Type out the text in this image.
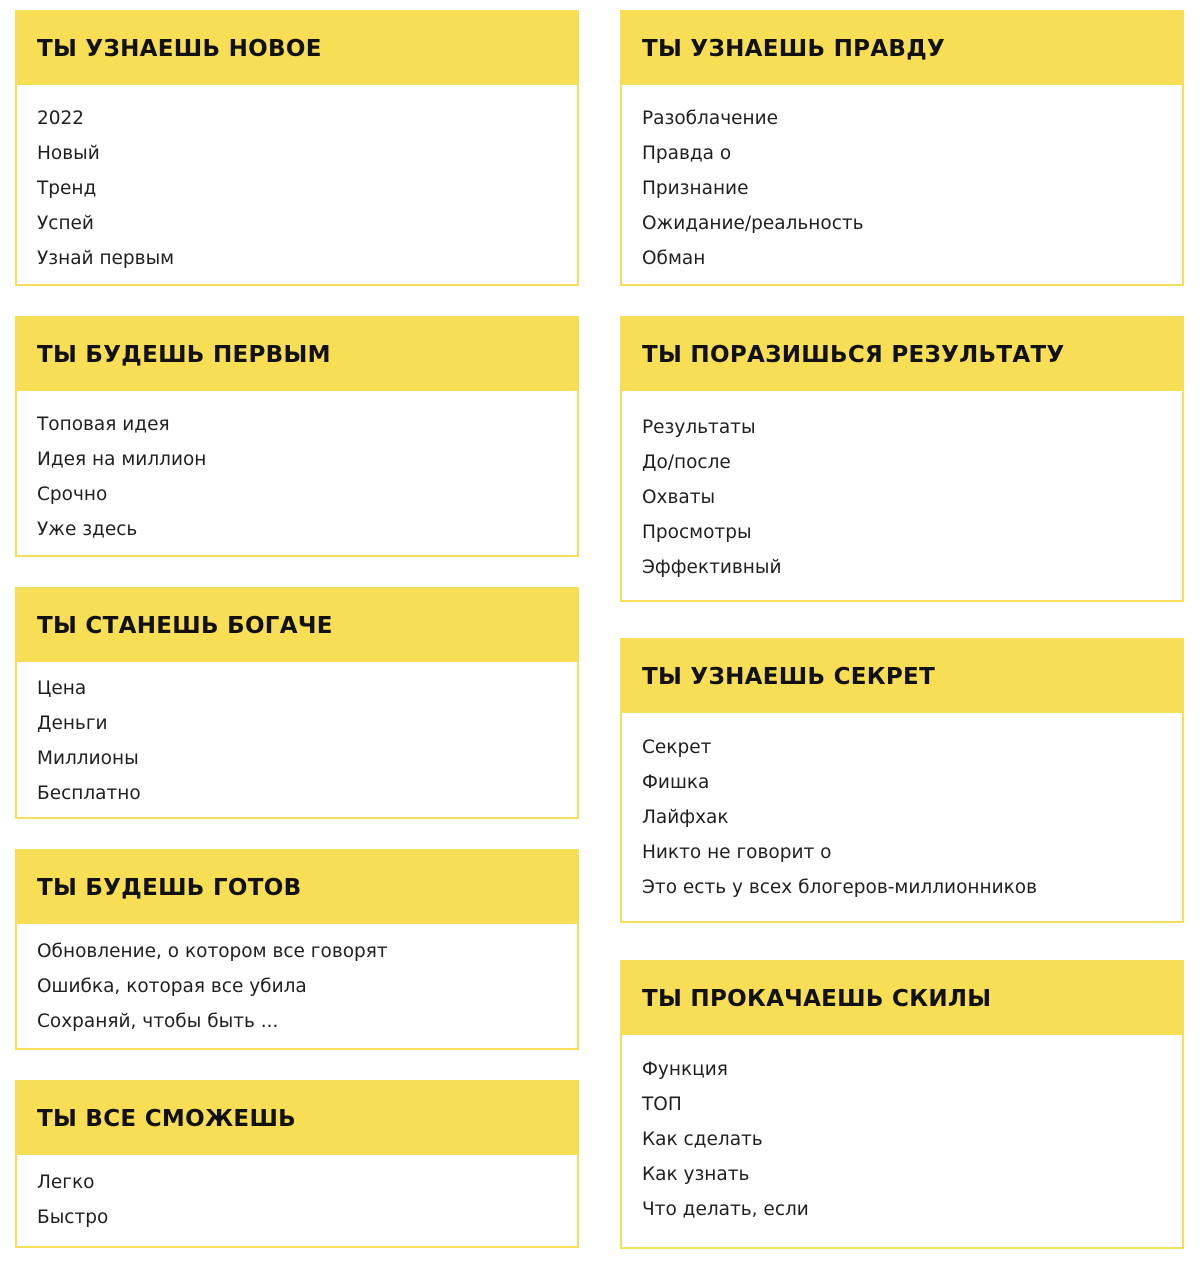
ТЫ УЗНАЕШЬ НОВОЕ
2022
Новый
Тренд
Успей
Узнай первым
ТЫ БУДЕШЬ ПЕРВЫМ
Топовая идея
Идея на миллион
Срочно
Уже здесь
ТЫ СТАНЕШЬ БОГАЧЕ
Цена
Деньги
Миллионы
Бесплатно
ТЫ БУДЕШЬ ГОТОВ
Обновление, о котором все говорят
Ошибка, которая все убила
Сохраняй, чтобы быть ...
ТЫ ВСЕ СМОЖЕШЬ
Легко
Быстро
ТЫ УЗНАЕШЬ ПРАВДУ
Разоблачение
Правда о
Признание
Ожидание/реальность
Обман
ТЫ ПОРАЗИШЬСЯ РЕЗУЛЬТАТУ
Результаты
До/после
Охваты
Просмотры
Эффективный
ТЫ УЗНАЕШЬ СЕКРЕТ
Секрет
Фишка
Лайфхак
Никто не говорит о
Это есть у всех блогеров-миллионников
ТЫ ПРОКАЧАЕШЬ СКИЛЫ
Функция
ТОП
Как сделать
Как узнать
Что делать, если
